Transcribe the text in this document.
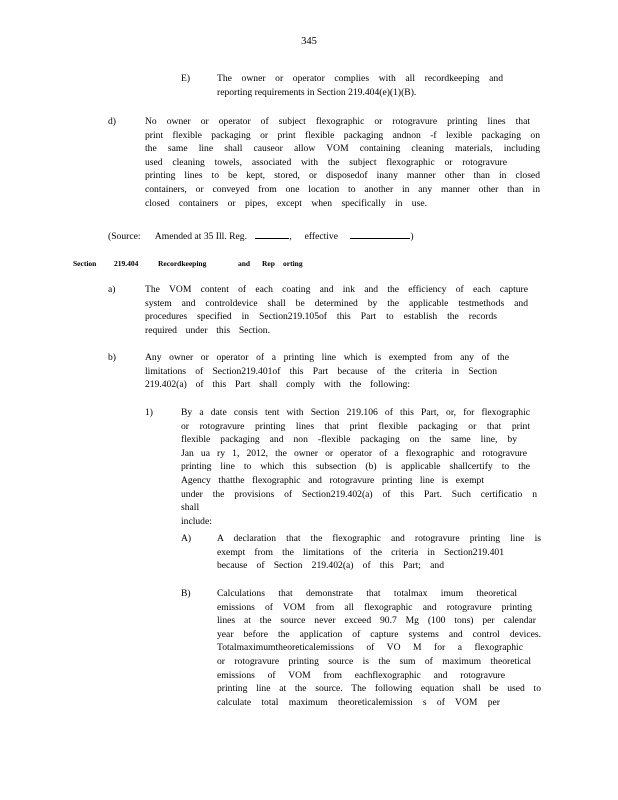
345
E)	The owner or operator complies with all recordkeeping and
reporting requirements in Section 219.404(e)(1)(B).
d)	No owner or operator of subject flexographic or rotogravure printing lines that
print flexible packaging or print flexible packaging andnon -f lexible packaging on
the same line shall causeor allow VOM containing cleaning materials, including
used cleaning towels, associated with the subject flexographic or rotogravure
printing lines to be kept, stored, or disposedof inany manner other than in closed
containers, or conveyed from one location to another in any manner other than in
closed containers or pipes, except when specifically in use.
(Source: Amended at 35 Ill. Reg.	, effective	)
Section 219.404	Recordkeeping	and Rep orting
a)	The VOM content of each coating and ink and the efficiency of each capture
system and controldevice shall be determined by the applicable testmethods and
procedures specified in Section219.105of this Part to establish the records
required under this Section.
b)	Any owner or operator of a printing line which is exempted from any of the
limitations of Section219.401of this Part because of the criteria in Section
219.402(a) of this Part shall comply with the following:
1)	By a date consis tent with Section 219.106 of this Part, or, for flexographic
or rotogravure printing lines that print flexible packaging or that print
flexible packaging and non -flexible packaging on the same line, by
Jan ua ry 1, 2012, the owner or operator of a flexographic and rotogravure
printing line to which this subsection (b) is applicable shallcertify to the
Agency thatthe flexographic and rotogravure printing line is exempt
under the provisions of Section219.402(a) of this Part. Such certificatio n
shall include:
A)	A declaration that the flexographic and rotogravure printing line is
exempt from the limitations of the criteria in Section219.401
because of Section 219.402(a) of this Part; and
B)	Calculations that demonstrate that totalmax imum theoretical
emissions of VOM from all flexographic and rotogravure printing
lines at the source never exceed 90.7 Mg (100 tons) per calendar
year before the application of capture systems and control devices.
Totalmaximumtheoreticalemissions of VO M for a flexographic
or rotogravure printing source is the sum of maximum theoretical
emissions of VOM from eachflexographic and rotogravure
printing line at the source. The following equation shall be used to
calculate total maximum theoreticalemission s of VOM per
